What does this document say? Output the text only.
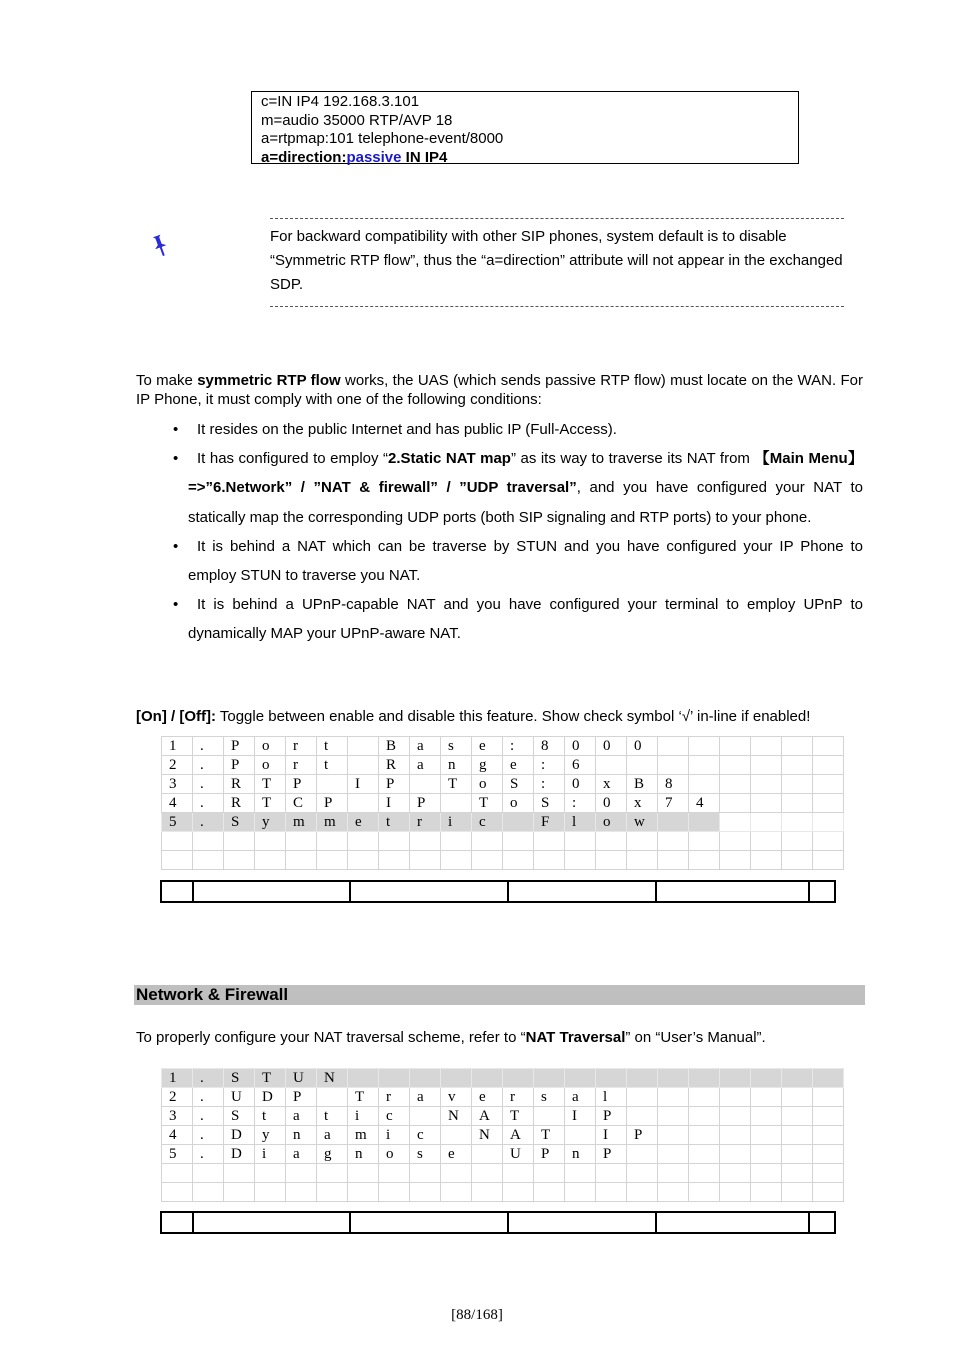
c=IN IP4 192.168.3.101
m=audio 35000 RTP/AVP 18
a=rtpmap:101 telephone-event/8000
a=direction:passive IN IP4
For backward compatibility with other SIP phones, system default is to disable “Symmetric RTP flow”, thus the “a=direction” attribute will not appear in the exchanged SDP.
To make symmetric RTP flow works, the UAS (which sends passive RTP flow) must locate on the WAN. For IP Phone, it must comply with one of the following conditions:
• It resides on the public Internet and has public IP (Full-Access).
• It has configured to employ “2.Static NAT map” as its way to traverse its NAT from 【Main Menu】=>”6.Network” / ”NAT & firewall” / ”UDP traversal”, and you have configured your NAT to statically map the corresponding UDP ports (both SIP signaling and RTP ports) to your phone.
• It is behind a NAT which can be traverse by STUN and you have configured your IP Phone to employ STUN to traverse you NAT.
• It is behind a UPnP-capable NAT and you have configured your terminal to employ UPnP to dynamically MAP your UPnP-aware NAT.
[On] / [Off]: Toggle between enable and disable this feature. Show check symbol ‘√’ in-line if enabled!
1	.	P	o	r	t		B	a	s	e	:	8	0	0	0						
2	.	P	o	r	t		R	a	n	g	e	:	6								
3	.	R	T	P		I	P		T	o	S	:	0	x	B	8					
4	.	R	T	C	P		I	P		T	o	S	:	0	x	7	4				
5	.	S	y	m	m	e	t	r	i	c		F	l	o	w						

Network & Firewall
To properly configure your NAT traversal scheme, refer to “NAT Traversal” on “User’s Manual”.
1	.	S	T	U	N																
2	.	U	D	P		T	r	a	v	e	r	s	a	l							
3	.	S	t	a	t	i	c		N	A	T		I	P							
4	.	D	y	n	a	m	i	c		N	A	T		I	P						
5	.	D	i	a	g	n	o	s	e		U	P	n	P							

[88/168]
